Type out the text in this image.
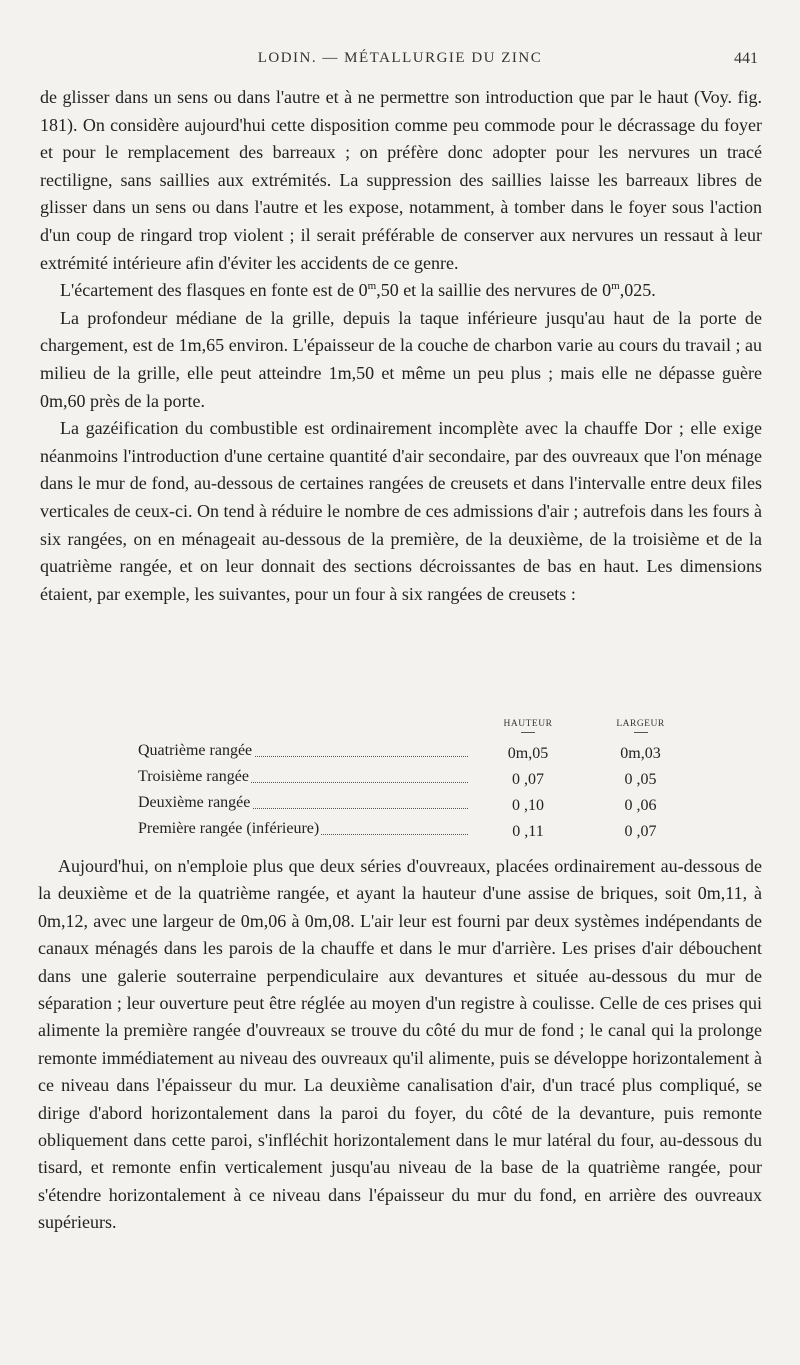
LODIN. — MÉTALLURGIE DU ZINC	441

de glisser dans un sens ou dans l'autre et à ne permettre son introduction que par le haut (Voy. fig. 181). On considère aujourd'hui cette disposition comme peu commode pour le décrassage du foyer et pour le remplacement des barreaux ; on préfère donc adopter pour les nervures un tracé rectiligne, sans saillies aux extrémités. La suppression des saillies laisse les barreaux libres de glisser dans un sens ou dans l'autre et les expose, notamment, à tomber dans le foyer sous l'action d'un coup de ringard trop violent ; il serait préférable de conserver aux nervures un ressaut à leur extrémité intérieure afin d'éviter les accidents de ce genre.

L'écartement des flasques en fonte est de 0$^m$,50 et la saillie des nervures de 0$^m$,025.

La profondeur médiane de la grille, depuis la taque inférieure jusqu'au haut de la porte de chargement, est de 1m,65 environ. L'épaisseur de la couche de charbon varie au cours du travail ; au milieu de la grille, elle peut atteindre 1m,50 et même un peu plus ; mais elle ne dépasse guère 0m,60 près de la porte.

La gazéification du combustible est ordinairement incomplète avec la chauffe Dor ; elle exige néanmoins l'introduction d'une certaine quantité d'air secondaire, par des ouvreaux que l'on ménage dans le mur de fond, au-dessous de certaines rangées de creusets et dans l'intervalle entre deux files verticales de ceux-ci. On tend à réduire le nombre de ces admissions d'air ; autrefois dans les fours à six rangées, on en ménageait au-dessous de la première, de la deuxième, de la troisième et de la quatrième rangée, et on leur donnait des sections décroissantes de bas en haut. Les dimensions étaient, par exemple, les suivantes, pour un four à six rangées de creusets :

	HAUTEUR	LARGEUR

Quatrième rangée	0m,05	0m,03

Troisième rangée	0 ,07	0 ,05

Deuxième rangée	0 ,10	0 ,06

Première rangée (inférieure)	0 ,11	0 ,07

Aujourd'hui, on n'emploie plus que deux séries d'ouvreaux, placées ordinairement au-dessous de la deuxième et de la quatrième rangée, et ayant la hauteur d'une assise de briques, soit 0m,11, à 0m,12, avec une largeur de 0m,06 à 0m,08. L'air leur est fourni par deux systèmes indépendants de canaux ménagés dans les parois de la chauffe et dans le mur d'arrière. Les prises d'air débouchent dans une galerie souterraine perpendiculaire aux devantures et située au-dessous du mur de séparation ; leur ouverture peut être réglée au moyen d'un registre à coulisse. Celle de ces prises qui alimente la première rangée d'ouvreaux se trouve du côté du mur de fond ; le canal qui la prolonge remonte immédiatement au niveau des ouvreaux qu'il alimente, puis se développe horizontalement à ce niveau dans l'épaisseur du mur. La deuxième canalisation d'air, d'un tracé plus compliqué, se dirige d'abord horizontalement dans la paroi du foyer, du côté de la devanture, puis remonte obliquement dans cette paroi, s'infléchit horizontalement dans le mur latéral du four, au-dessous du tisard, et remonte enfin verticalement jusqu'au niveau de la base de la quatrième rangée, pour s'étendre horizontalement à ce niveau dans l'épaisseur du mur du fond, en arrière des ouvreaux supérieurs.
